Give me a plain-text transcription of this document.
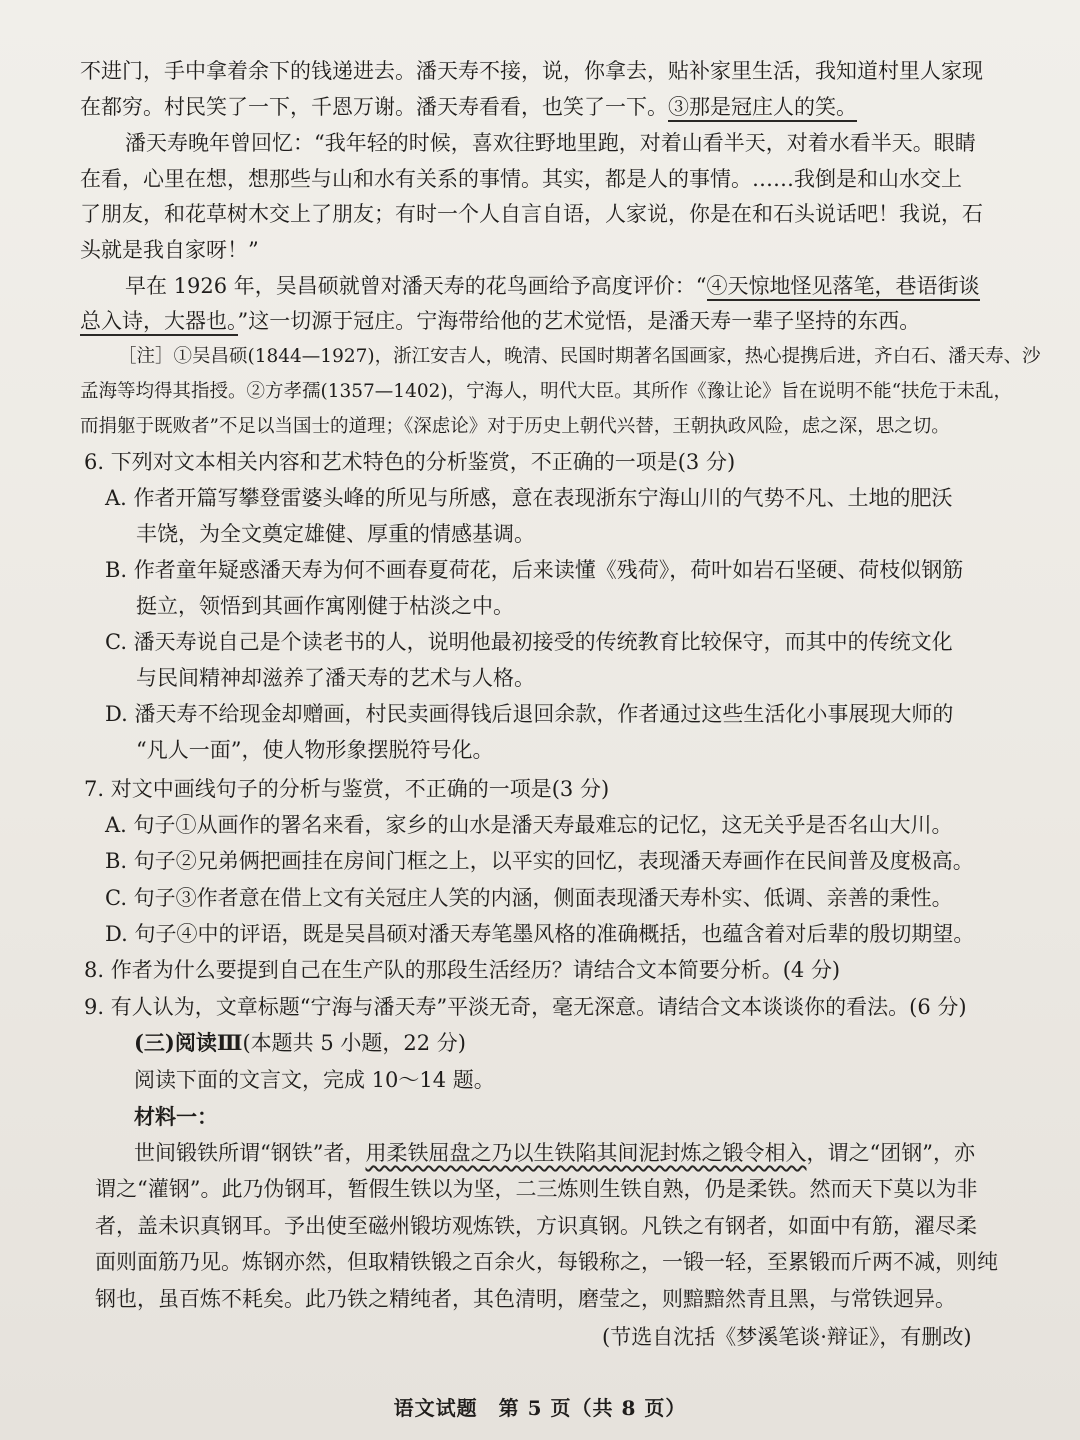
不进门，手中拿着余下的钱递进去。潘天寿不接，说，你拿去，贴补家里生活，我知道村里人家现
在都穷。村民笑了一下，千恩万谢。潘天寿看看，也笑了一下。③那是冠庄人的笑。
潘天寿晚年曾回忆：“我年轻的时候，喜欢往野地里跑，对着山看半天，对着水看半天。眼睛
在看，心里在想，想那些与山和水有关系的事情。其实，都是人的事情。……我倒是和山水交上
了朋友，和花草树木交上了朋友；有时一个人自言自语，人家说，你是在和石头说话吧！我说，石
头就是我自家呀！”
早在 1926 年，吴昌硕就曾对潘天寿的花鸟画给予高度评价：“④天惊地怪见落笔，巷语街谈
总入诗，大器也。”这一切源于冠庄。宁海带给他的艺术觉悟，是潘天寿一辈子坚持的东西。
［注］①吴昌硕(1844—1927)，浙江安吉人，晚清、民国时期著名国画家，热心提携后进，齐白石、潘天寿、沙
孟海等均得其指授。②方孝孺(1357—1402)，宁海人，明代大臣。其所作《豫让论》旨在说明不能“扶危于未乱，
而捐躯于既败者”不足以当国士的道理；《深虑论》对于历史上朝代兴替，王朝执政风险，虑之深，思之切。
6. 下列对文本相关内容和艺术特色的分析鉴赏，不正确的一项是(3 分)
A. 作者开篇写攀登雷婆头峰的所见与所感，意在表现浙东宁海山川的气势不凡、土地的肥沃
丰饶，为全文奠定雄健、厚重的情感基调。
B. 作者童年疑惑潘天寿为何不画春夏荷花，后来读懂《残荷》，荷叶如岩石坚硬、荷枝似钢筋
挺立，领悟到其画作寓刚健于枯淡之中。
C. 潘天寿说自己是个读老书的人，说明他最初接受的传统教育比较保守，而其中的传统文化
与民间精神却滋养了潘天寿的艺术与人格。
D. 潘天寿不给现金却赠画，村民卖画得钱后退回余款，作者通过这些生活化小事展现大师的
“凡人一面”，使人物形象摆脱符号化。
7. 对文中画线句子的分析与鉴赏，不正确的一项是(3 分)
A. 句子①从画作的署名来看，家乡的山水是潘天寿最难忘的记忆，这无关乎是否名山大川。
B. 句子②兄弟俩把画挂在房间门框之上，以平实的回忆，表现潘天寿画作在民间普及度极高。
C. 句子③作者意在借上文有关冠庄人笑的内涵，侧面表现潘天寿朴实、低调、亲善的秉性。
D. 句子④中的评语，既是吴昌硕对潘天寿笔墨风格的准确概括，也蕴含着对后辈的殷切期望。
8. 作者为什么要提到自己在生产队的那段生活经历？请结合文本简要分析。(4 分)
9. 有人认为，文章标题“宁海与潘天寿”平淡无奇，毫无深意。请结合文本谈谈你的看法。(6 分)
(三)阅读Ⅲ(本题共 5 小题，22 分)
阅读下面的文言文，完成 10～14 题。
材料一：
世间锻铁所谓“钢铁”者，用柔铁屈盘之乃以生铁陷其间泥封炼之锻令相入，谓之“团钢”，亦
谓之“灌钢”。此乃伪钢耳，暂假生铁以为坚，二三炼则生铁自熟，仍是柔铁。然而天下莫以为非
者，盖未识真钢耳。予出使至磁州锻坊观炼铁，方识真钢。凡铁之有钢者，如面中有筋，濯尽柔
面则面筋乃见。炼钢亦然，但取精铁锻之百余火，每锻称之，一锻一轻，至累锻而斤两不减，则纯
钢也，虽百炼不耗矣。此乃铁之精纯者，其色清明，磨莹之，则黯黯然青且黑，与常铁迥异。
(节选自沈括《梦溪笔谈·辩证》，有删改)
语文试题　第 5 页（共 8 页）
